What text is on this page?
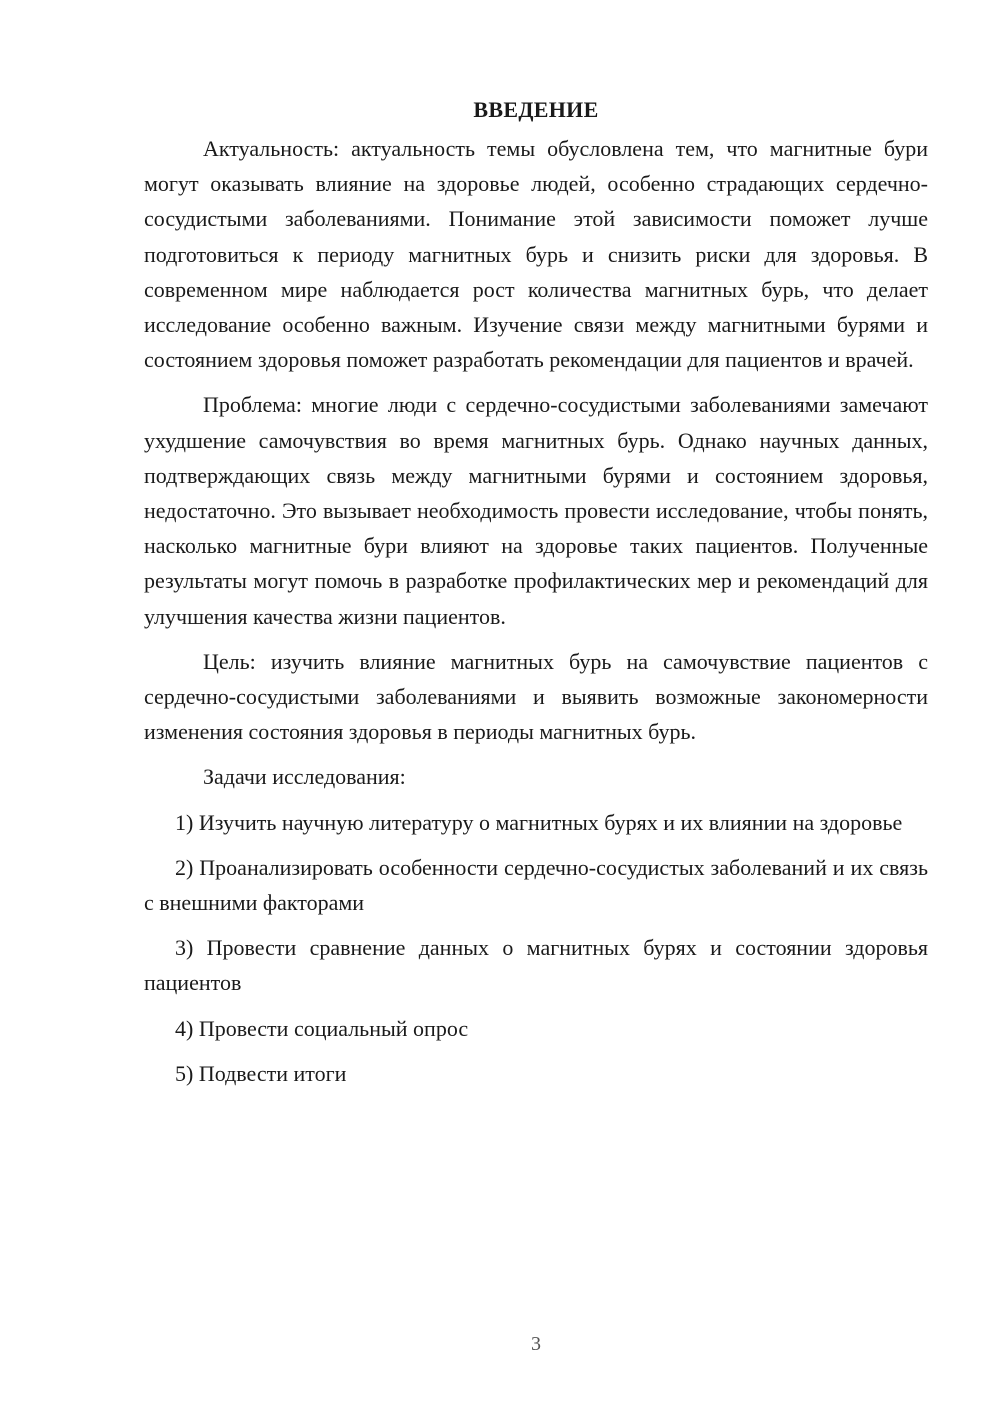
ВВЕДЕНИЕ

Актуальность: актуальность темы обусловлена тем, что магнитные бури могут оказывать влияние на здоровье людей, особенно страдающих сердечно-сосудистыми заболеваниями. Понимание этой зависимости поможет лучше подготовиться к периоду магнитных бурь и снизить риски для здоровья. В современном мире наблюдается рост количества магнитных бурь, что делает исследование особенно важным. Изучение связи между магнитными бурями и состоянием здоровья поможет разработать рекомендации для пациентов и врачей.

Проблема: многие люди с сердечно-сосудистыми заболеваниями замечают ухудшение самочувствия во время магнитных бурь. Однако научных данных, подтверждающих связь между магнитными бурями и состоянием здоровья, недостаточно. Это вызывает необходимость провести исследование, чтобы понять, насколько магнитные бури влияют на здоровье таких пациентов. Полученные результаты могут помочь в разработке профилактических мер и рекомендаций для улучшения качества жизни пациентов.

Цель: изучить влияние магнитных бурь на самочувствие пациентов с сердечно-сосудистыми заболеваниями и выявить возможные закономерности изменения состояния здоровья в периоды магнитных бурь.

Задачи исследования:

1) Изучить научную литературу о магнитных бурях и их влиянии на здоровье

2) Проанализировать особенности сердечно-сосудистых заболеваний и их связь с внешними факторами

3) Провести сравнение данных о магнитных бурях и состоянии здоровья пациентов

4) Провести социальный опрос

5) Подвести итоги

3
